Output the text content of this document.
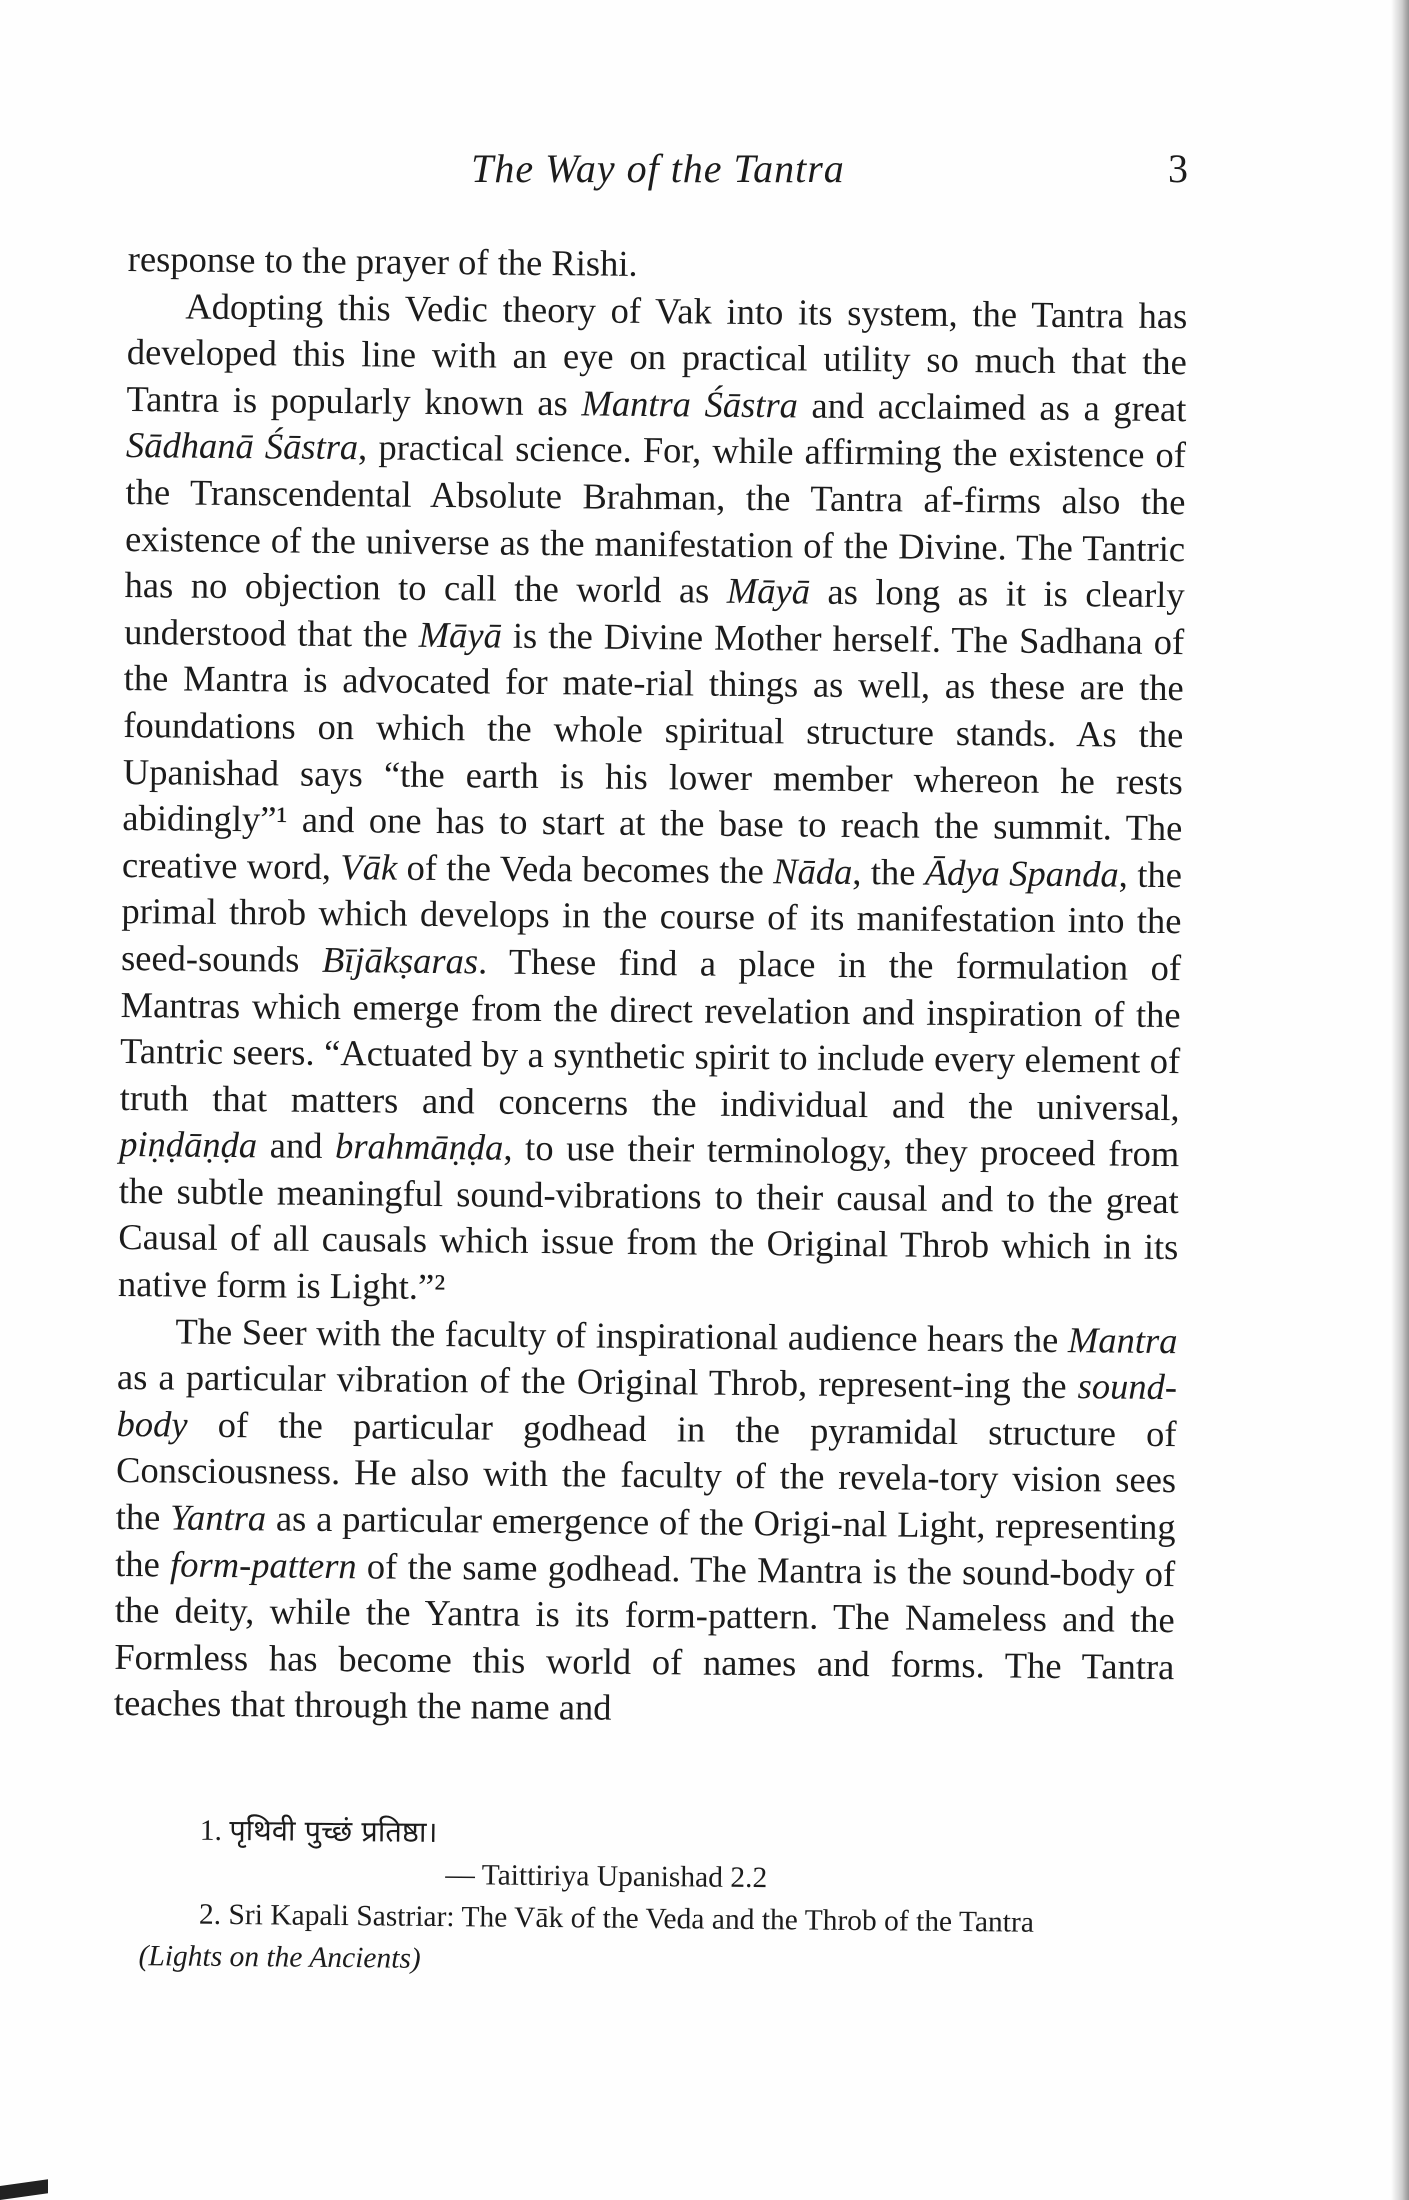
The Way of the Tantra	3

response to the prayer of the Rishi.

Adopting this Vedic theory of Vak into its system, the Tantra has developed this line with an eye on practical utility so much that the Tantra is popularly known as Mantra Śāstra and acclaimed as a great Sādhanā Śāstra, practical science. For, while affirming the existence of the Transcendental Absolute Brahman, the Tantra af-firms also the existence of the universe as the manifestation of the Divine. The Tantric has no objection to call the world as Māyā as long as it is clearly understood that the Māyā is the Divine Mother herself. The Sadhana of the Mantra is advocated for mate-rial things as well, as these are the foundations on which the whole spiritual structure stands. As the Upanishad says “the earth is his lower member whereon he rests abidingly”¹ and one has to start at the base to reach the summit. The creative word, Vāk of the Veda becomes the Nāda, the Ādya Spanda, the primal throb which develops in the course of its manifestation into the seed-sounds Bījākṣaras. These find a place in the formulation of Mantras which emerge from the direct revelation and inspiration of the Tantric seers. “Actuated by a synthetic spirit to include every element of truth that matters and concerns the individual and the universal, piṇḍāṇḍa and brahmāṇḍa, to use their terminology, they proceed from the subtle meaningful sound-vibrations to their causal and to the great Causal of all causals which issue from the Original Throb which in its native form is Light.”²

The Seer with the faculty of inspirational audience hears the Mantra as a particular vibration of the Original Throb, represent-ing the sound-body of the particular godhead in the pyramidal structure of Consciousness. He also with the faculty of the revela-tory vision sees the Yantra as a particular emergence of the Origi-nal Light, representing the form-pattern of the same godhead. The Mantra is the sound-body of the deity, while the Yantra is its form-pattern. The Nameless and the Formless has become this world of names and forms. The Tantra teaches that through the name and

1. पृथिवी पुच्छं प्रतिष्ठा।

— Taittiriya Upanishad 2.2

2. Sri Kapali Sastriar: The Vāk of the Veda and the Throb of the Tantra

(Lights on the Ancients)
